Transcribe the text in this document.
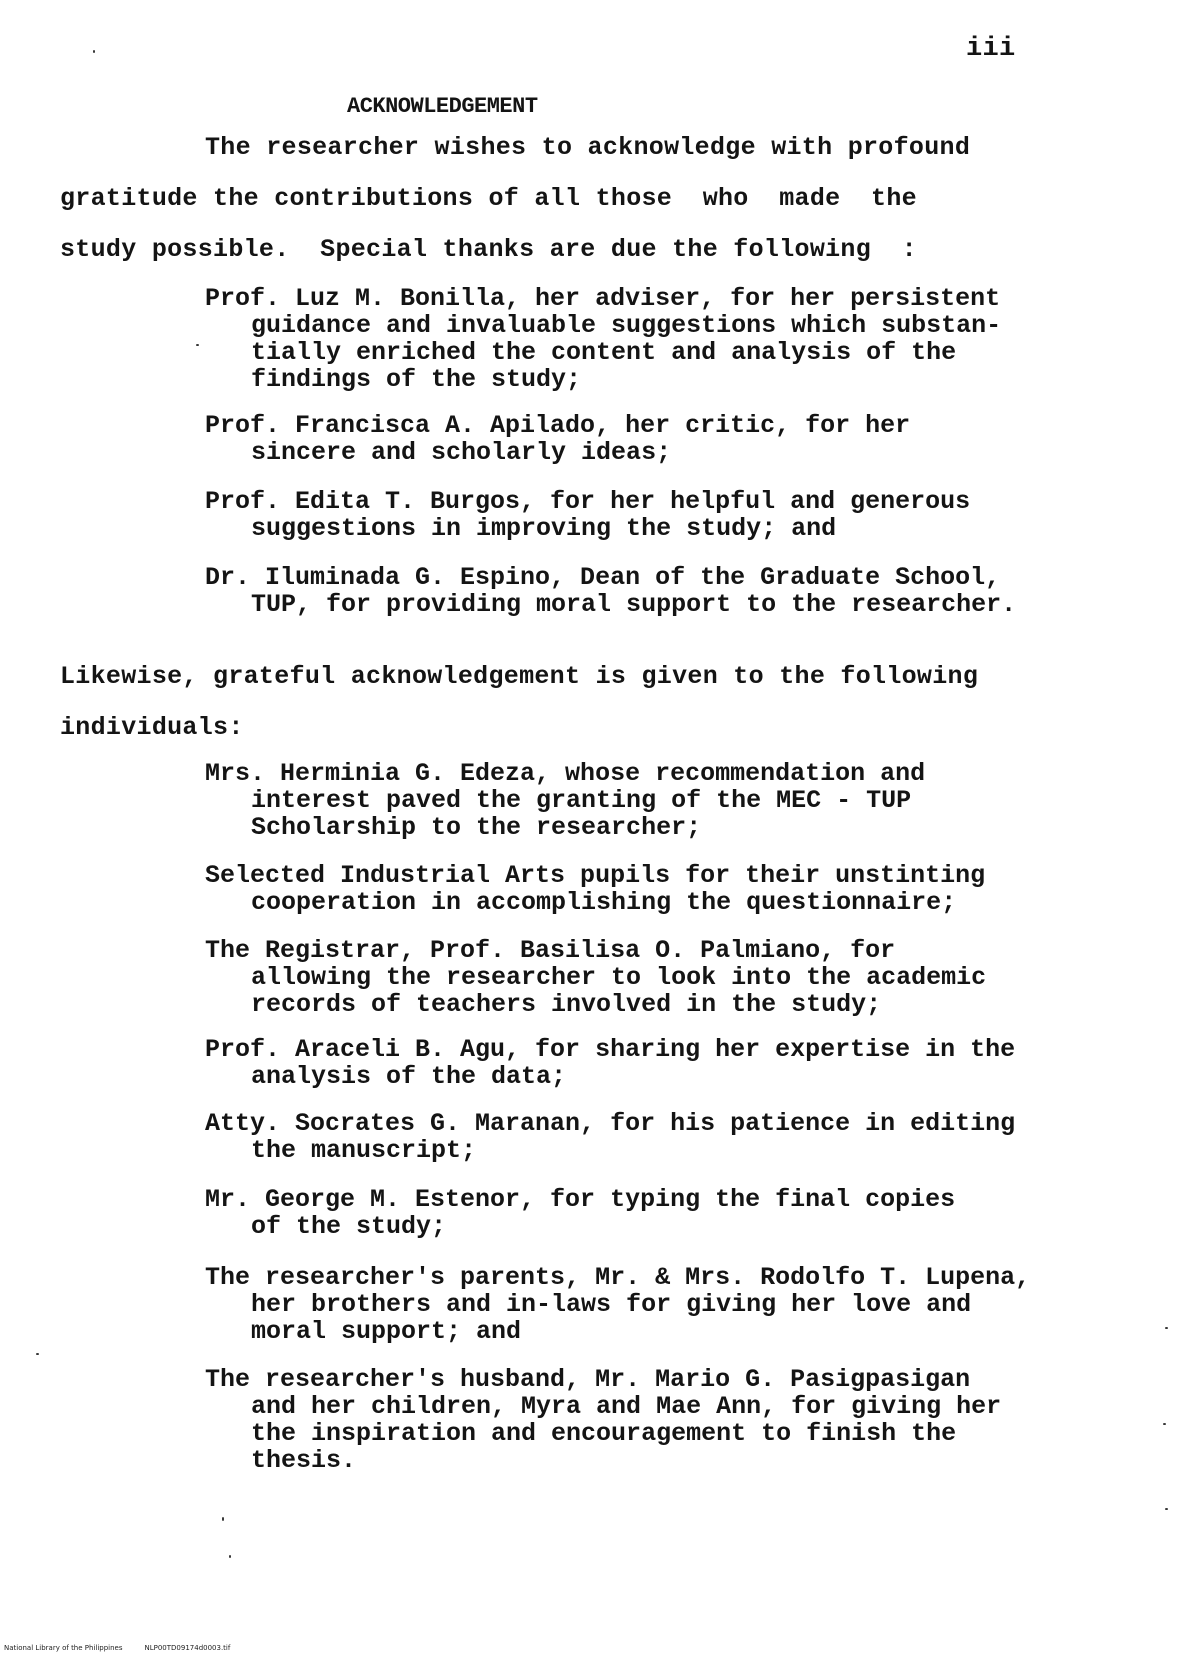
iii
ACKNOWLEDGEMENT
The researcher wishes to acknowledge with profound
gratitude the contributions of all those  who  made  the
study possible.  Special thanks are due the following  :
Prof. Luz M. Bonilla, her adviser, for her persistent
guidance and invaluable suggestions which substan-
tially enriched the content and analysis of the
findings of the study;
Prof. Francisca A. Apilado, her critic, for her
sincere and scholarly ideas;
Prof. Edita T. Burgos, for her helpful and generous
suggestions in improving the study; and
Dr. Iluminada G. Espino, Dean of the Graduate School,
TUP, for providing moral support to the researcher.
Likewise, grateful acknowledgement is given to the following
individuals:
Mrs. Herminia G. Edeza, whose recommendation and
interest paved the granting of the MEC - TUP
Scholarship to the researcher;
Selected Industrial Arts pupils for their unstinting
cooperation in accomplishing the questionnaire;
The Registrar, Prof. Basilisa O. Palmiano, for
allowing the researcher to look into the academic
records of teachers involved in the study;
Prof. Araceli B. Agu, for sharing her expertise in the
analysis of the data;
Atty. Socrates G. Maranan, for his patience in editing
the manuscript;
Mr. George M. Estenor, for typing the final copies
of the study;
The researcher's parents, Mr. & Mrs. Rodolfo T. Lupena,
her brothers and in-laws for giving her love and
moral support; and
The researcher's husband, Mr. Mario G. Pasigpasigan
and her children, Myra and Mae Ann, for giving her
the inspiration and encouragement to finish the
thesis.
National Library of the Philippines	NLP00TD09174d0003.tif
